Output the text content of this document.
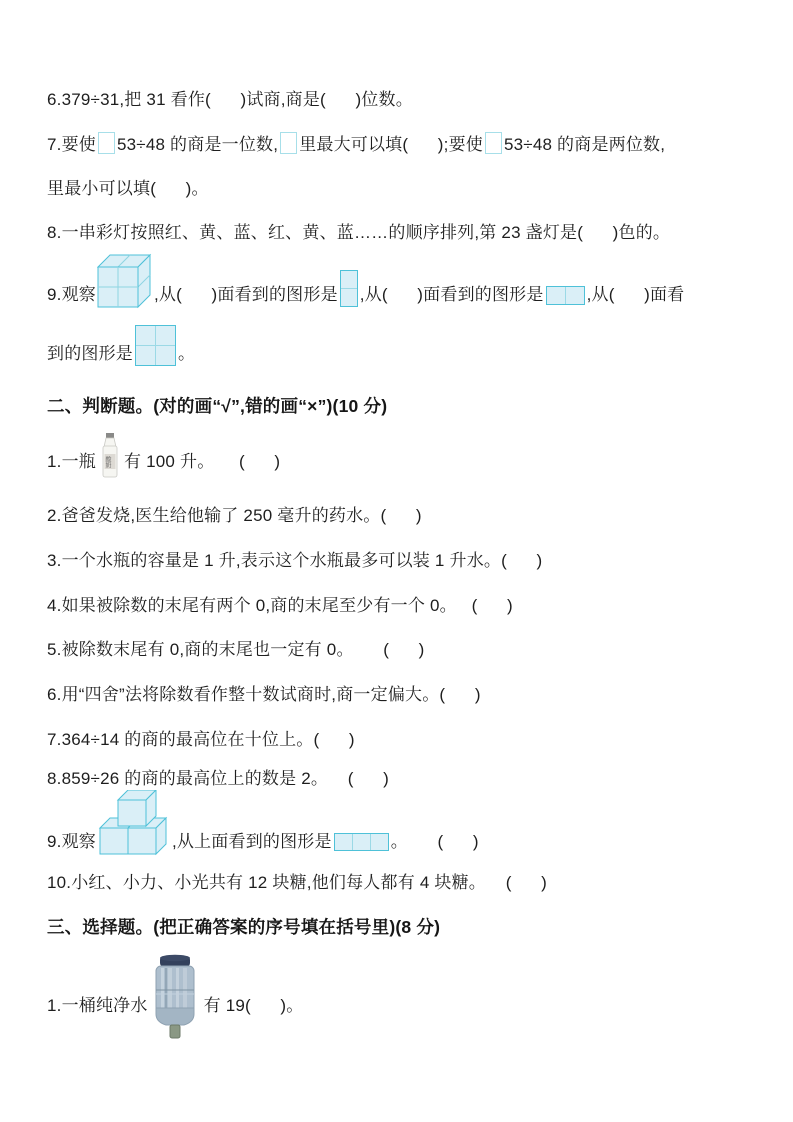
6.379÷31,把 31 看作(      )试商,商是(      )位数。
7.要使 53÷48 的商是一位数, 里最大可以填(      );要使 53÷48 的商是两位数,
里最小可以填(      )。
8.一串彩灯按照红、黄、蓝、红、黄、蓝……的顺序排列,第 23 盏灯是(      )色的。
9.观察	,从(      )面看到的图形是 ,从(      )面看到的图形是	,从(      )面看
到的图形是	。
二、判断题。(对的画“√”,错的画“×”)(10 分)
1.一瓶 酸奶 有 100 升。     (      )
2.爸爸发烧,医生给他输了 250 毫升的药水。(      )
3.一个水瓶的容量是 1 升,表示这个水瓶最多可以装 1 升水。(      )
4.如果被除数的末尾有两个 0,商的末尾至少有一个 0。   (      )
5.被除数末尾有 0,商的末尾也一定有 0。      (      )
6.用“四舍”法将除数看作整十数试商时,商一定偏大。(      )
7.364÷14 的商的最高位在十位上。(      )
8.859÷26 的商的最高位上的数是 2。    (      )
9.观察	,从上面看到的图形是	。      (      )
10.小红、小力、小光共有 12 块糖,他们每人都有 4 块糖。    (      )
三、选择题。(把正确答案的序号填在括号里)(8 分)
1.一桶纯净水	有 19(      )。
